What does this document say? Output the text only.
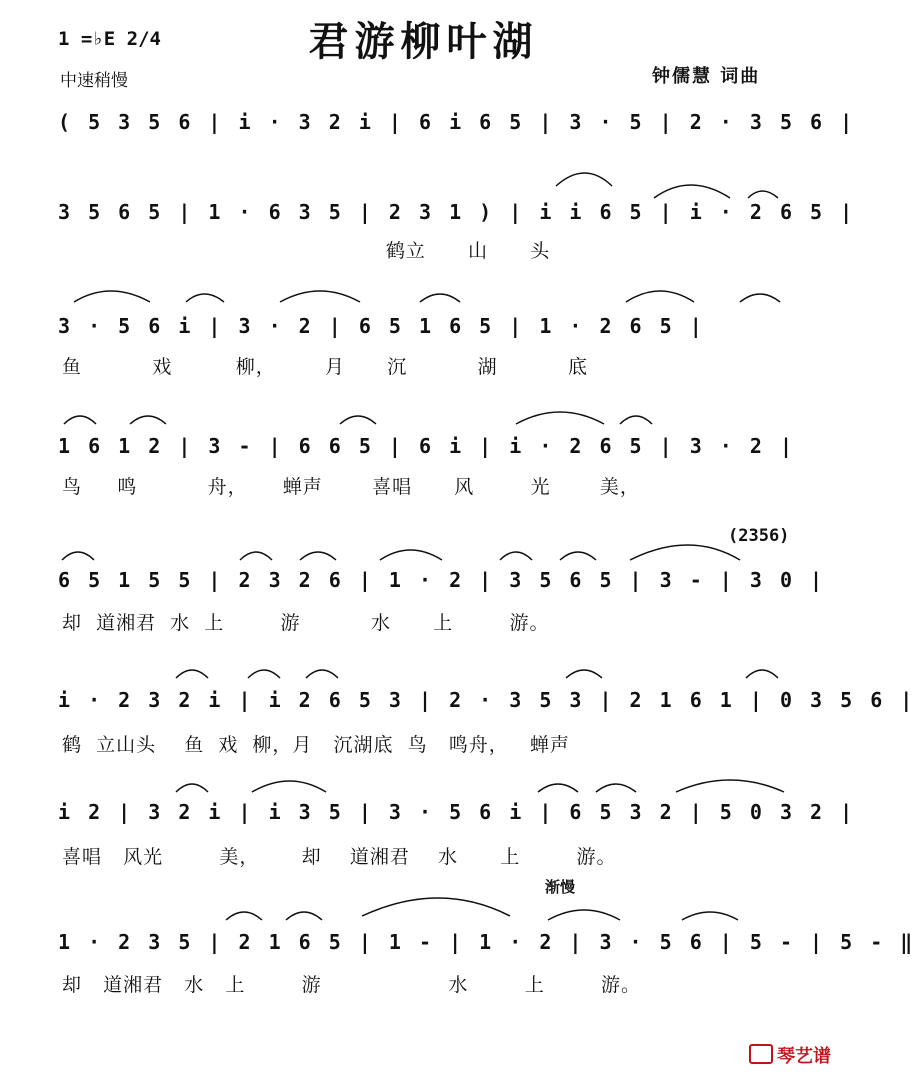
1 =♭E 2/4
中速稍慢
君游柳叶湖
钟儒慧 词曲
( 5 3 5 6 | i · 3 2 i | 6 i 6 5 | 3 · 5 | 2 · 3 5 6 |
3 5 6 5 | 1 · 6 3 5 | 2 3 1 ) | i i 6 5 | i · 2 6 5 |
鹤立      山      头
3 · 5 6 i | 3 · 2 | 6 5 1 6 5 | 1 · 2 6 5 |
鱼          戏         柳，       月      沉          湖          底
1 6 1 2 | 3 - | 6 6 5 | 6 i | i · 2 6 5 | 3 · 2 |
鸟     鸣          舟，     蝉声       喜唱      风        光       美，
(2356)
6 5 1 5 5 | 2 3 2 6 | 1 · 2 | 3 5 6 5 | 3 - | 3 0 |
却  道湘君  水  上        游          水      上        游。
i · 2 3 2 i | i 2 6 5 3 | 2 · 3 5 3 | 2 1 6 1 | 0 3 5 6 |
鹤  立山头    鱼  戏  柳，月   沉湖底  鸟   鸣舟，   蝉声
i 2 | 3 2 i | i 3 5 | 3 · 5 6 i | 6 5 3 2 | 5 0 3 2 |
喜唱   风光        美，      却    道湘君    水      上        游。
渐慢
1 · 2 3 5 | 2 1 6 5 | 1 - | 1 · 2 | 3 · 5 6 | 5 - | 5 - ‖
却   道湘君   水   上        游                  水        上        游。
琴艺谱
